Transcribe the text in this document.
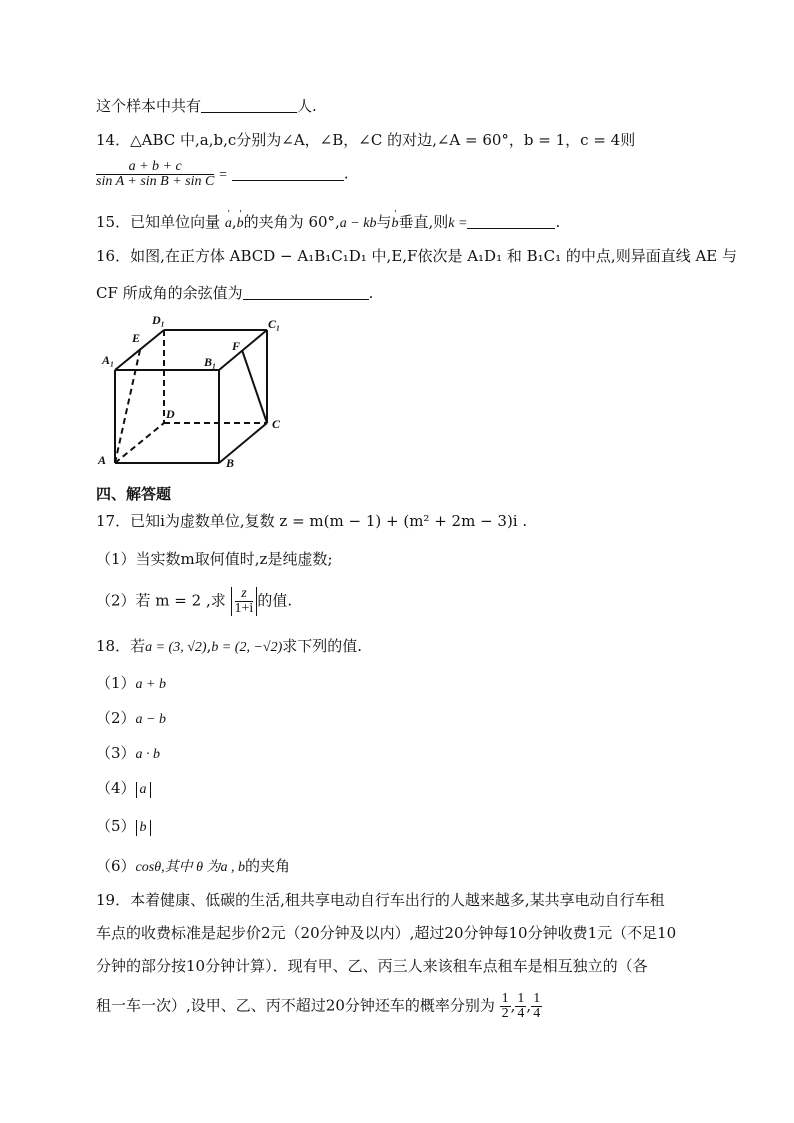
这个样本中共有	人.
14．△ABC 中,a,b,c分别为∠A，∠B，∠C 的对边,∠A = 60°，b = 1，c = 4则
$\frac{a + b + c}{\text{sin A + sin B + sin C}}$ =	.
15．已知单位向量 ' a,' b的夹角为 60°,a − kb与' b垂直,则k =	.
16．如图,在正方体 ABCD − A₁B₁C₁D₁ 中,E,F依次是 A₁D₁ 和 B₁C₁ 的中点,则异面直线 AE 与
CF 所成角的余弦值为	.
D₁	C₁
A₁
E
B₁
F
D
C
A	B
四、解答题
17．已知i为虚数单位,复数 z = m(m − 1) + (m² + 2m − 3)i .
（1）当实数m取何值时,z是纯虚数;
（2）若 m = 2 ,求 $\frac{z}{1+i}$ 的值.
18．若a = (3, √2),b = (2, −√2)求下列的值.
（1）a + b
（2）a − b
（3）a · b
（4） a
（5） b
（6）cosθ,其中 θ 为a , b的夹角
19．本着健康、低碳的生活,租共享电动自行车出行的人越来越多,某共享电动自行车租
车点的收费标准是起步价2元（20分钟及以内）,超过20分钟每10分钟收费1元（不足10
分钟的部分按10分钟计算）．现有甲、乙、丙三人来该租车点租车是相互独立的（各
租一车一次）,设甲、乙、丙不超过20分钟还车的概率分别为 $\frac{1}{2}$ , $\frac{1}{4}$ , $\frac{1}{4}$
